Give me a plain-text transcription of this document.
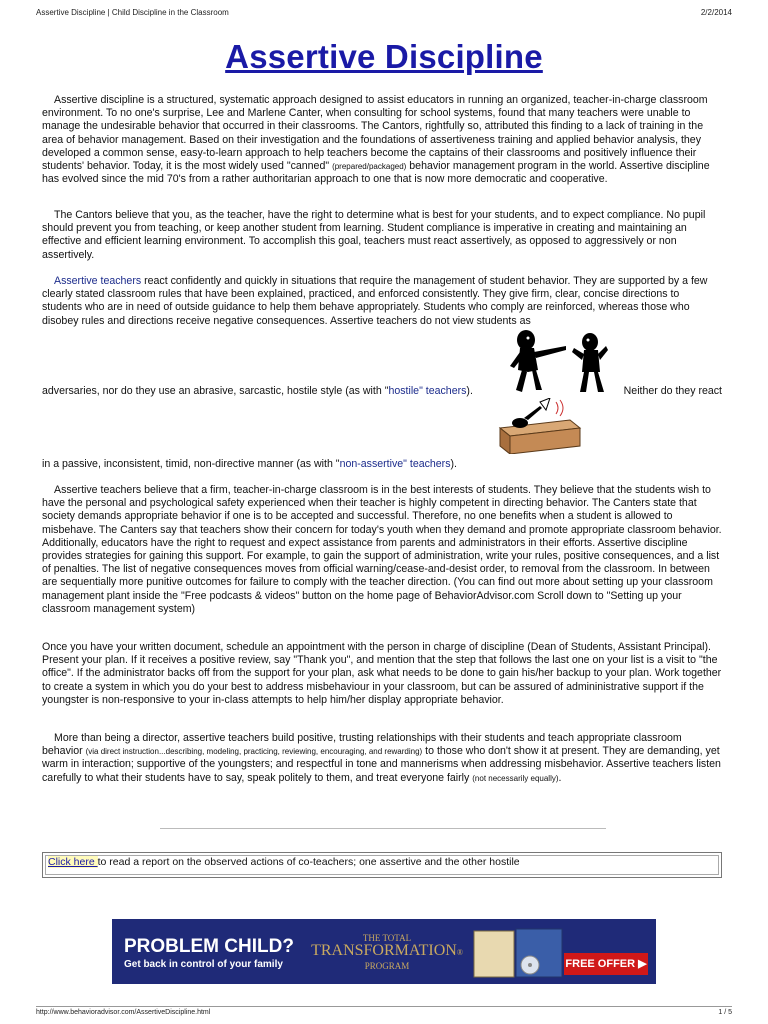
Assertive Discipline | Child Discipline in the Classroom	2/2/2014
Assertive Discipline

Assertive discipline is a structured, systematic approach designed to assist educators in running an organized, teacher-in-charge classroom environment. To no one's surprise, Lee and Marlene Canter, when consulting for school systems, found that many teachers were unable to manage the undesirable behavior that occurred in their classrooms. The Cantors, rightfully so, attributed this finding to a lack of training in the area of behavior management. Based on their investigation and the foundations of assertiveness training and applied behavior analysis, they developed a common sense, easy-to-learn approach to help teachers become the captains of their classrooms and positively influence their students' behavior. Today, it is the most widely used "canned" (prepared/packaged) behavior management program in the world. Assertive discipline has evolved since the mid 70's from a rather authoritarian approach to one that is now more democratic and cooperative.

The Cantors believe that you, as the teacher, have the right to determine what is best for your students, and to expect compliance. No pupil should prevent you from teaching, or keep another student from learning. Student compliance is imperative in creating and maintaining an effective and efficient learning environment. To accomplish this goal, teachers must react assertively, as opposed to aggressively or non assertively.

Assertive teachers react confidently and quickly in situations that require the management of student behavior. They are supported by a few clearly stated classroom rules that have been explained, practiced, and enforced consistently. They give firm, clear, concise directions to students who are in need of outside guidance to help them behave appropriately. Students who comply are reinforced, whereas those who disobey rules and directions receive negative consequences. Assertive teachers do not view students as

adversaries, nor do they use an abrasive, sarcastic, hostile style (as with "hostile" teachers).	Neither do they react

in a passive, inconsistent, timid, non-directive manner (as with "non-assertive" teachers).

Assertive teachers believe that a firm, teacher-in-charge classroom is in the best interests of students. They believe that the students wish to have the personal and psychological safety experienced when their teacher is highly competent in directing behavior. The Canters state that society demands appropriate behavior if one is to be accepted and successful. Therefore, no one benefits when a student is allowed to misbehave. The Canters say that teachers show their concern for today's youth when they demand and promote appropriate classroom behavior. Additionally, educators have the right to request and expect assistance from parents and administrators in their efforts. Assertive discipline provides strategies for gaining this support. For example, to gain the support of administration, write your rules, positive consequences, and a list of penalties. The list of negative consequences moves from official warning/cease-and-desist order, to removal from the classroom. In between are sequentially more punitive outcomes for failure to comply with the teacher direction. (You can find out more about setting up your classroom management plant inside the "Free podcasts & videos" button on the home page of BehaviorAdvisor.com Scroll down to "Setting up your classroom management system)

Once you have your written document, schedule an appointment with the person in charge of discipline (Dean of Students, Assistant Principal). Present your plan. If it receives a positive review, say "Thank you", and mention that the step that follows the last one on your list is a visit to "the office". If the administrator backs off from the support for your plan, ask what needs to be done to gain his/her backup to your plan. Work together to create a system in which you do your best to address misbehaviour in your classroom, but can be assured of admininistrative support if the youngster is non-responsive to your in-class attempts to help him/her display appropriate behavior.

More than being a director, assertive teachers build positive, trusting relationships with their students and teach appropriate classroom behavior (via direct instruction...describing, modeling, practicing, reviewing, encouraging, and rewarding) to those who don't show it at present. They are demanding, yet warm in interaction; supportive of the youngsters; and respectful in tone and mannerisms when addressing misbehavior. Assertive teachers listen carefully to what their students have to say, speak politely to them, and treat everyone fairly (not necessarily equally).

Click here to read a report on the observed actions of co-teachers; one assertive and the other hostile
PROBLEM CHILD?
Get back in control of your family
THE TOTAL
TRANSFORMATION®
PROGRAM	FREE OFFER ▶
http://www.behavioradvisor.com/AssertiveDiscipline.html	1 / 5
